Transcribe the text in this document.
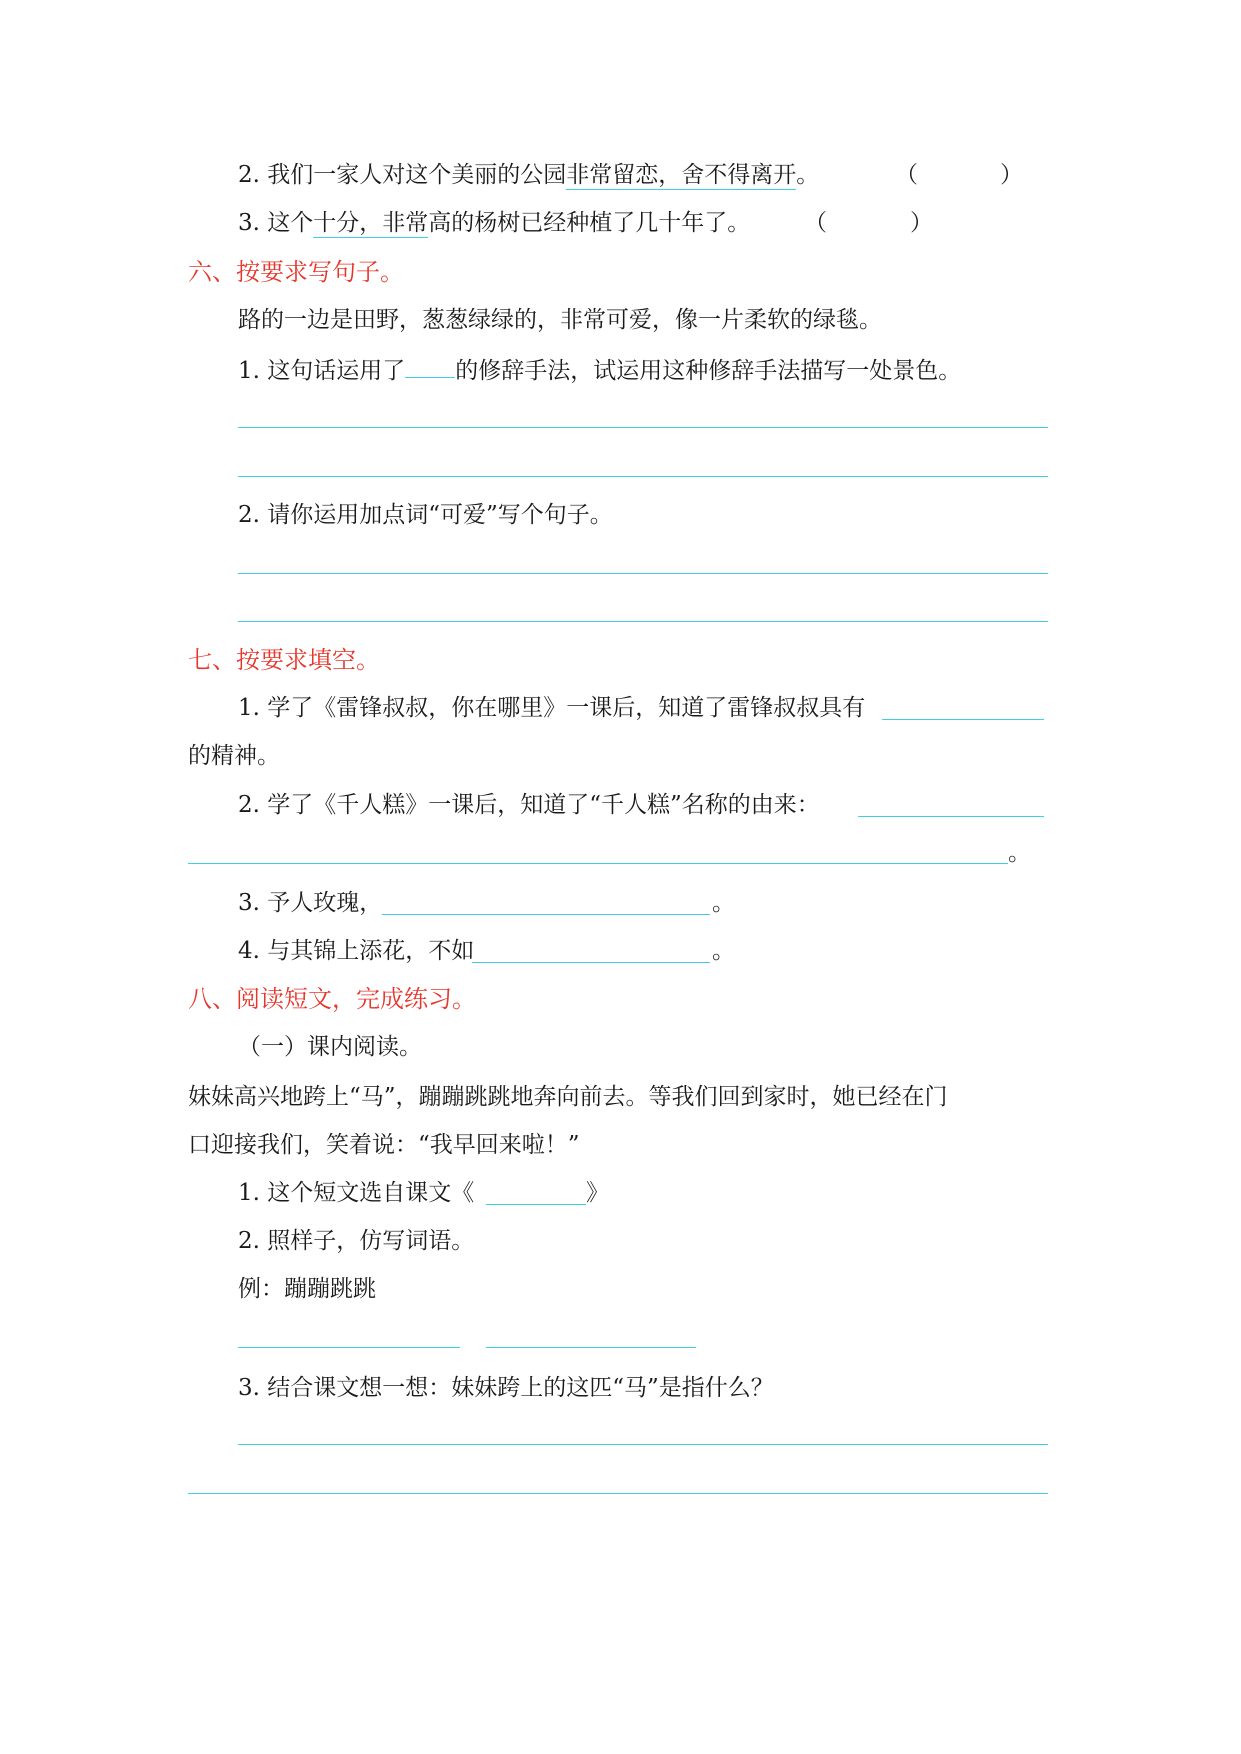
2. 我们一家人对这个美丽的公园非常留恋，舍不得离开。	（	）
3. 这个十分，非常高的杨树已经种植了几十年了。 （	）
六、按要求写句子。
路的一边是田野，葱葱绿绿的，非常可爱，像一片柔软的绿毯。
1. 这句话运用了 的修辞手法，试运用这种修辞手法描写一处景色。
2. 请你运用加点词“可爱”写个句子。
七、按要求填空。
1. 学了《雷锋叔叔，你在哪里》一课后，知道了雷锋叔叔具有
的精神。
2. 学了《千人糕》一课后，知道了“千人糕”名称的由来：
。
3. 予人玫瑰，	。
4. 与其锦上添花，不如	。
八、阅读短文，完成练习。
（一）课内阅读。
妹妹高兴地跨上“马”，蹦蹦跳跳地奔向前去。等我们回到家时，她已经在门
口迎接我们，笑着说：“我早回来啦！”
1. 这个短文选自课文《	》
2. 照样子，仿写词语。
例：蹦蹦跳跳
3. 结合课文想一想：妹妹跨上的这匹“马”是指什么？
